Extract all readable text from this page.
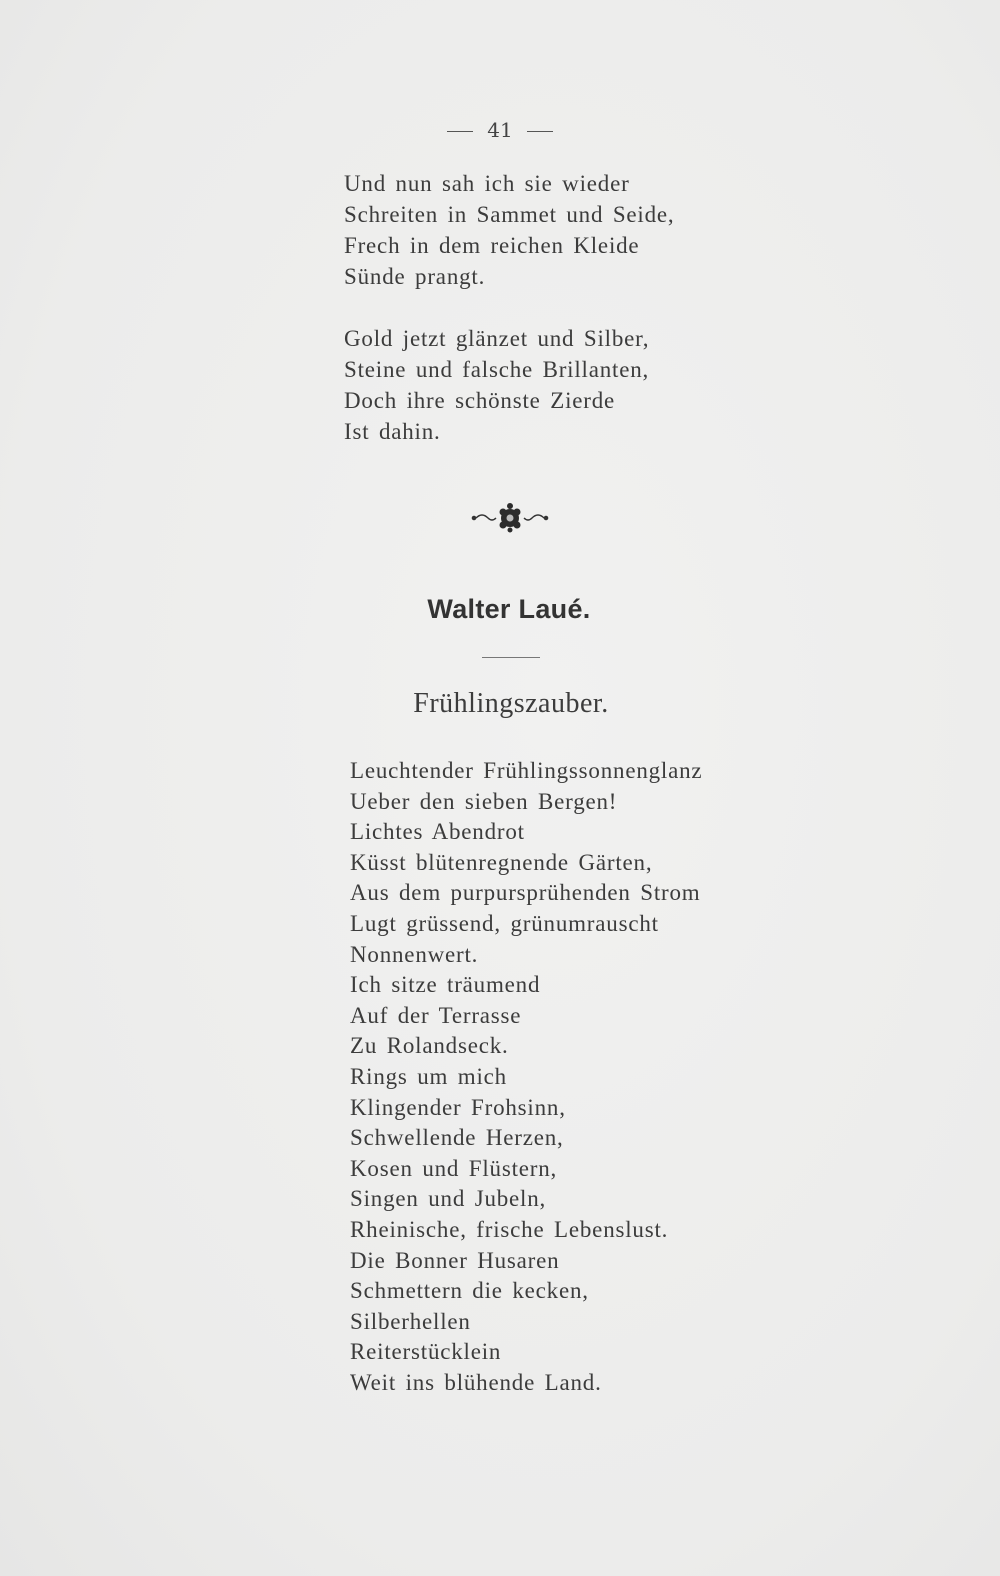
41
Und nun sah ich sie wieder
Schreiten in Sammet und Seide,
Frech in dem reichen Kleide
Sünde prangt.
Gold jetzt glänzet und Silber,
Steine und falsche Brillanten,
Doch ihre schönste Zierde
Ist dahin.
Walter Laué.
Frühlingszauber.
Leuchtender Frühlingssonnenglanz
Ueber den sieben Bergen!
Lichtes Abendrot
Küsst blütenregnende Gärten,
Aus dem purpursprühenden Strom
Lugt grüssend, grünumrauscht
Nonnenwert.
Ich sitze träumend
Auf der Terrasse
Zu Rolandseck.
Rings um mich
Klingender Frohsinn,
Schwellende Herzen,
Kosen und Flüstern,
Singen und Jubeln,
Rheinische, frische Lebenslust.
Die Bonner Husaren
Schmettern die kecken,
Silberhellen
Reiterstücklein
Weit ins blühende Land.
